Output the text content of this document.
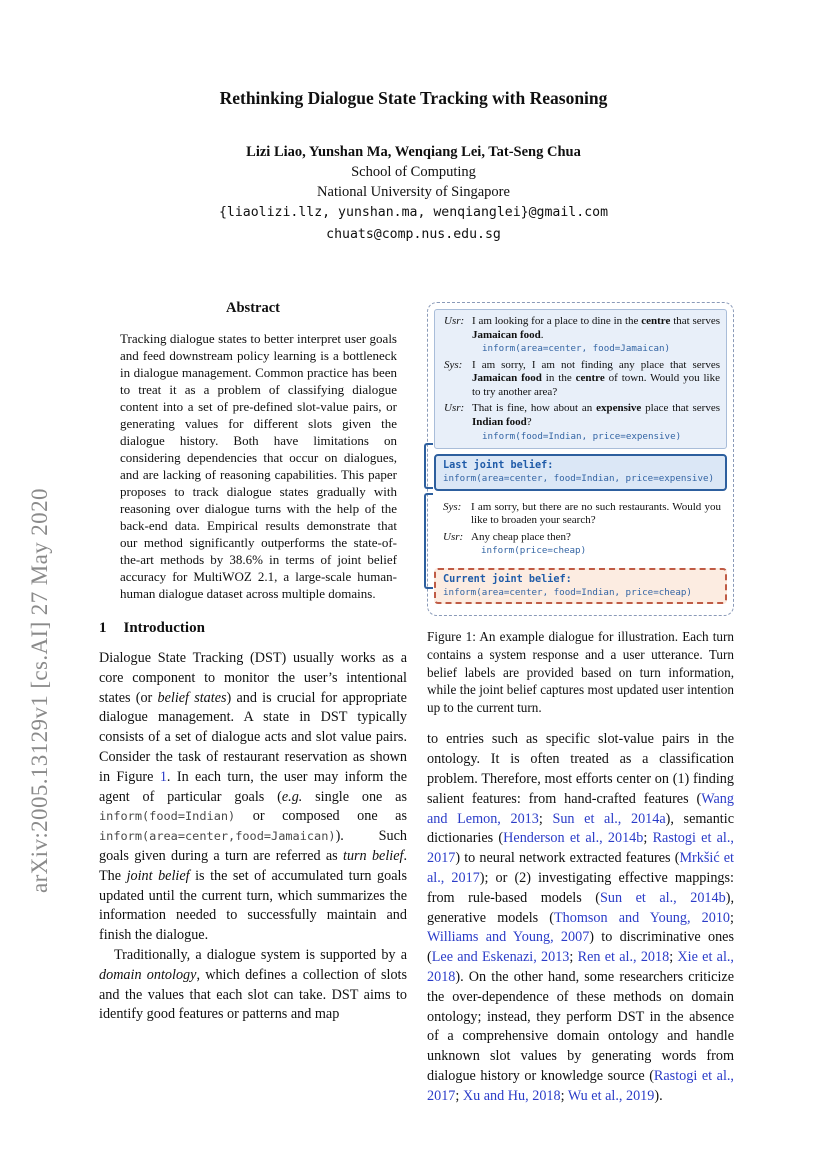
arXiv:2005.13129v1 [cs.AI] 27 May 2020
Rethinking Dialogue State Tracking with Reasoning
Lizi Liao, Yunshan Ma, Wenqiang Lei, Tat-Seng Chua
School of Computing
National University of Singapore
{liaolizi.llz, yunshan.ma, wenqianglei}@gmail.com
chuats@comp.nus.edu.sg
Abstract

Tracking dialogue states to better interpret user goals and feed downstream policy learning is a bottleneck in dialogue management. Common practice has been to treat it as a problem of classifying dialogue content into a set of pre-defined slot-value pairs, or generating values for different slots given the dialogue history. Both have limitations on considering dependencies that occur on dialogues, and are lacking of reasoning capabilities. This paper proposes to track dialogue states gradually with reasoning over dialogue turns with the help of the back-end data. Empirical results demonstrate that our method significantly outperforms the state-of-the-art methods by 38.6% in terms of joint belief accuracy for MultiWOZ 2.1, a large-scale human-human dialogue dataset across multiple domains.

1 Introduction

Dialogue State Tracking (DST) usually works as a core component to monitor the user’s intentional states (or belief states) and is crucial for appropriate dialogue management. A state in DST typically consists of a set of dialogue acts and slot value pairs. Consider the task of restaurant reservation as shown in Figure 1. In each turn, the user may inform the agent of particular goals (e.g. single one as inform(food=Indian) or composed one as inform(area=center,food=Jamaican)). Such goals given during a turn are referred as turn belief. The joint belief is the set of accumulated turn goals updated until the current turn, which summarizes the information needed to successfully maintain and finish the dialogue.

Traditionally, a dialogue system is supported by a domain ontology, which defines a collection of slots and the values that each slot can take. DST aims to identify good features or patterns and map

Usr: I am looking for a place to dine in the centre that serves Jamaican food.
inform(area=center, food=Jamaican)
Sys: I am sorry, I am not finding any place that serves Jamaican food in the centre of town. Would you like to try another area?
Usr: That is fine, how about an expensive place that serves Indian food?
inform(food=Indian, price=expensive)
Last joint belief:
inform(area=center, food=Indian, price=expensive)
Sys: I am sorry, but there are no such restaurants. Would you like to broaden your search?
Usr: Any cheap place then?
inform(price=cheap)
Current joint belief:
inform(area=center, food=Indian, price=cheap)
Figure 1: An example dialogue for illustration. Each turn contains a system response and a user utterance. Turn belief labels are provided based on turn information, while the joint belief captures most updated user intention up to the current turn.

to entries such as specific slot-value pairs in the ontology. It is often treated as a classification problem. Therefore, most efforts center on (1) finding salient features: from hand-crafted features (Wang and Lemon, 2013; Sun et al., 2014a), semantic dictionaries (Henderson et al., 2014b; Rastogi et al., 2017) to neural network extracted features (Mrkšić et al., 2017); or (2) investigating effective mappings: from rule-based models (Sun et al., 2014b), generative models (Thomson and Young, 2010; Williams and Young, 2007) to discriminative ones (Lee and Eskenazi, 2013; Ren et al., 2018; Xie et al., 2018). On the other hand, some researchers criticize the over-dependence of these methods on domain ontology; instead, they perform DST in the absence of a comprehensive domain ontology and handle unknown slot values by generating words from dialogue history or knowledge source (Rastogi et al., 2017; Xu and Hu, 2018; Wu et al., 2019).
